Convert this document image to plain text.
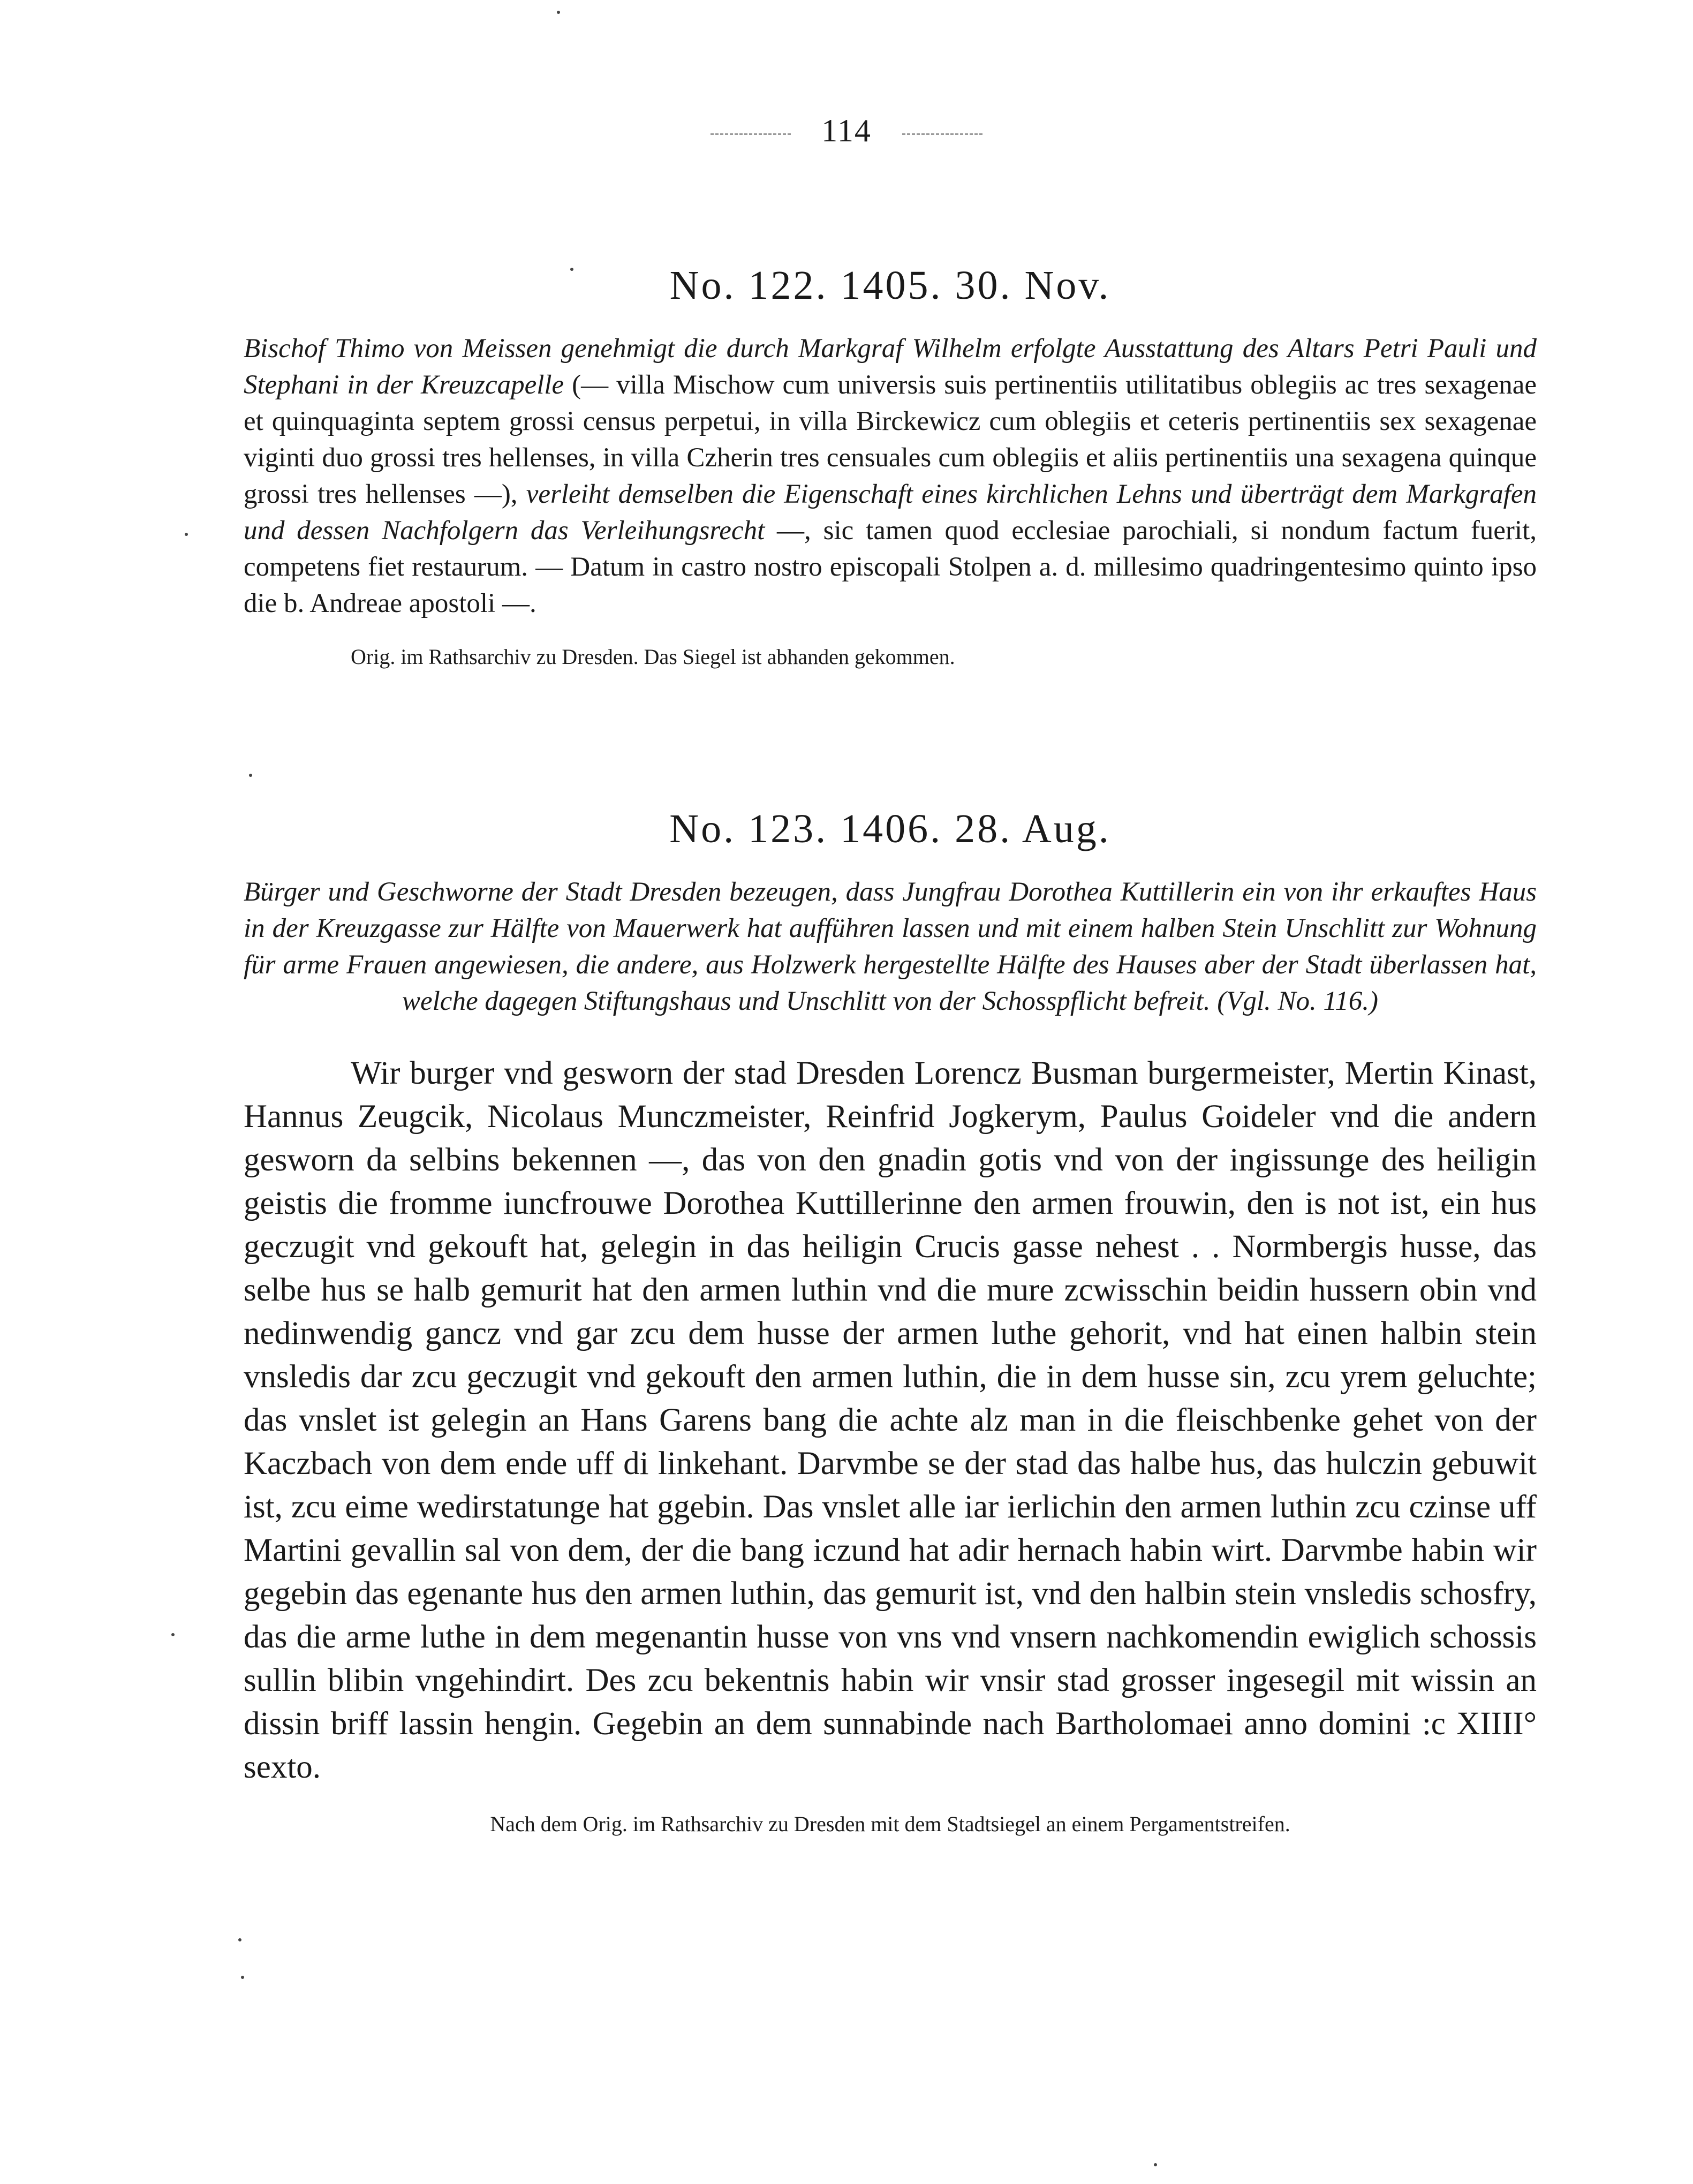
114
No. 122. 1405. 30. Nov.

Bischof Thimo von Meissen genehmigt die durch Markgraf Wilhelm erfolgte Ausstattung des Altars Petri Pauli und Stephani in der Kreuzcapelle (— villa Mischow cum universis suis pertinentiis utilitatibus oblegiis ac tres sexagenae et quinquaginta septem grossi census perpetui, in villa Birckewicz cum oblegiis et ceteris pertinentiis sex sexagenae viginti duo grossi tres hellenses, in villa Czherin tres censuales cum oblegiis et aliis pertinentiis una sexagena quinque grossi tres hellenses —), verleiht demselben die Eigenschaft eines kirchlichen Lehns und überträgt dem Markgrafen und dessen Nachfolgern das Verleihungsrecht —, sic tamen quod ecclesiae parochiali, si nondum factum fuerit, competens fiet restaurum. — Datum in castro nostro episcopali Stolpen a. d. millesimo quadringentesimo quinto ipso die b. Andreae apostoli —.

Orig. im Rathsarchiv zu Dresden. Das Siegel ist abhanden gekommen.

No. 123. 1406. 28. Aug.

Bürger und Geschworne der Stadt Dresden bezeugen, dass Jungfrau Dorothea Kuttillerin ein von ihr erkauftes Haus in der Kreuzgasse zur Hälfte von Mauerwerk hat aufführen lassen und mit einem halben Stein Unschlitt zur Wohnung für arme Frauen angewiesen, die andere, aus Holzwerk hergestellte Hälfte des Hauses aber der Stadt überlassen hat, welche dagegen Stiftungshaus und Unschlitt von der Schosspflicht befreit. (Vgl. No. 116.)

Wir burger vnd gesworn der stad Dresden Lorencz Busman burgermeister, Mertin Kinast, Hannus Zeugcik, Nicolaus Munczmeister, Reinfrid Jogkerym, Paulus Goideler vnd die andern gesworn da selbins bekennen —, das von den gnadin gotis vnd von der ingissunge des heiligin geistis die fromme iuncfrouwe Dorothea Kuttillerinne den armen frouwin, den is not ist, ein hus geczugit vnd gekouft hat, gelegin in das heiligin Crucis gasse nehest . . Normbergis husse, das selbe hus se halb gemurit hat den armen luthin vnd die mure zcwisschin beidin hussern obin vnd nedinwendig gancz vnd gar zcu dem husse der armen luthe gehorit, vnd hat einen halbin stein vnsledis dar zcu geczugit vnd gekouft den armen luthin, die in dem husse sin, zcu yrem geluchte; das vnslet ist gelegin an Hans Garens bang die achte alz man in die fleischbenke gehet von der Kaczbach von dem ende uff di linkehant. Darvmbe se der stad das halbe hus, das hulczin gebuwit ist, zcu eime wedirstatunge hat ggebin. Das vnslet alle iar ierlichin den armen luthin zcu czinse uff Martini gevallin sal von dem, der die bang iczund hat adir hernach habin wirt. Darvmbe habin wir gegebin das egenante hus den armen luthin, das gemurit ist, vnd den halbin stein vnsledis schosfry, das die arme luthe in dem megenantin husse von vns vnd vnsern nachkomendin ewiglich schossis sullin blibin vngehindirt. Des zcu bekentnis habin wir vnsir stad grosser ingesegil mit wissin an dissin briff lassin hengin. Gegebin an dem sunnabinde nach Bartholomaei anno domini :c XIIII° sexto.

Nach dem Orig. im Rathsarchiv zu Dresden mit dem Stadtsiegel an einem Pergamentstreifen.
